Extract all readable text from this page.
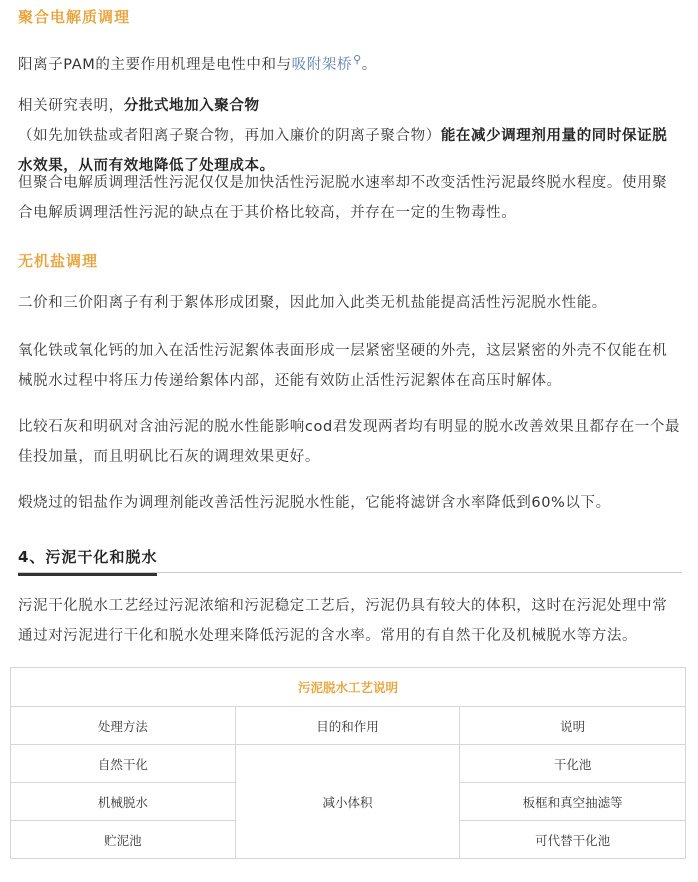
聚合电解质调理
阳离子PAM的主要作用机理是电性中和与吸附架桥⚲。
相关研究表明，分批式地加入聚合物（如先加铁盐或者阳离子聚合物，再加入廉价的阴离子聚合物）能在减少调理剂用量的同时保证脱水效果，从而有效地降低了处理成本。
但聚合电解质调理活性污泥仅仅是加快活性污泥脱水速率却不改变活性污泥最终脱水程度。使用聚合电解质调理活性污泥的缺点在于其价格比较高，并存在一定的生物毒性。
无机盐调理
二价和三价阳离子有利于絮体形成团聚，因此加入此类无机盐能提高活性污泥脱水性能。
氧化铁或氧化钙的加入在活性污泥絮体表面形成一层紧密坚硬的外壳，这层紧密的外壳不仅能在机械脱水过程中将压力传递给絮体内部，还能有效防止活性污泥絮体在高压时解体。
比较石灰和明矾对含油污泥的脱水性能影响cod君发现两者均有明显的脱水改善效果且都存在一个最佳投加量，而且明矾比石灰的调理效果更好。
煅烧过的铝盐作为调理剂能改善活性污泥脱水性能，它能将滤饼含水率降低到60%以下。
4、污泥干化和脱水
污泥干化脱水工艺经过污泥浓缩和污泥稳定工艺后，污泥仍具有较大的体积，这时在污泥处理中常通过对污泥进行干化和脱水处理来降低污泥的含水率。常用的有自然干化及机械脱水等方法。
污泥脱水工艺说明		
处理方法	目的和作用	说明
自然干化	减小体积	干化池
机械脱水		板框和真空抽滤等
贮泥池		可代替干化池
